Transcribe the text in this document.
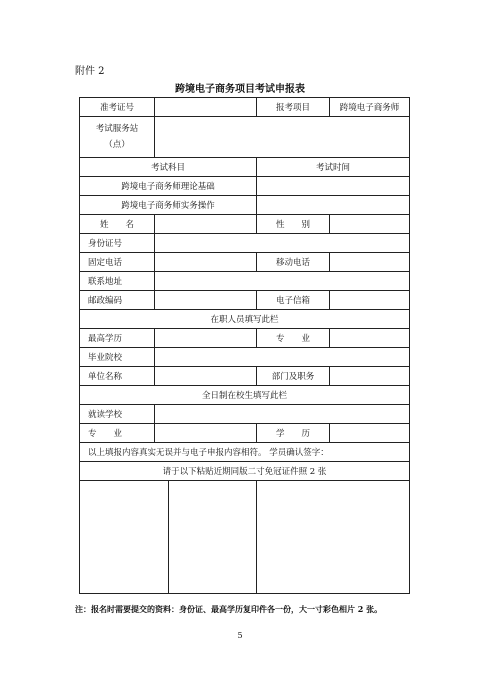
附件 2
跨境电子商务项目考试申报表
准考证号		报考项目	跨境电子商务师

考试服务站
（点）			

考试科目		考试时间	
跨境电子商务师理论基础			
跨境电子商务师实务操作			
姓　　名		性　　别	
身份证号			
固定电话		移动电话	
联系地址			
邮政编码		电子信箱	
在职人员填写此栏			
最高学历		专　　业	
毕业院校			
单位名称		部门及职务	
全日制在校生填写此栏			
就读学校			
专　　业		学　　历	
以上填报内容真实无误并与电子申报内容相符。 学员确认签字：			
请于以下粘贴近期同版二寸免冠证件照 2 张			

注：报名时需要提交的资料：身份证、最高学历复印件各一份，大一寸彩色相片 2 张。
5
